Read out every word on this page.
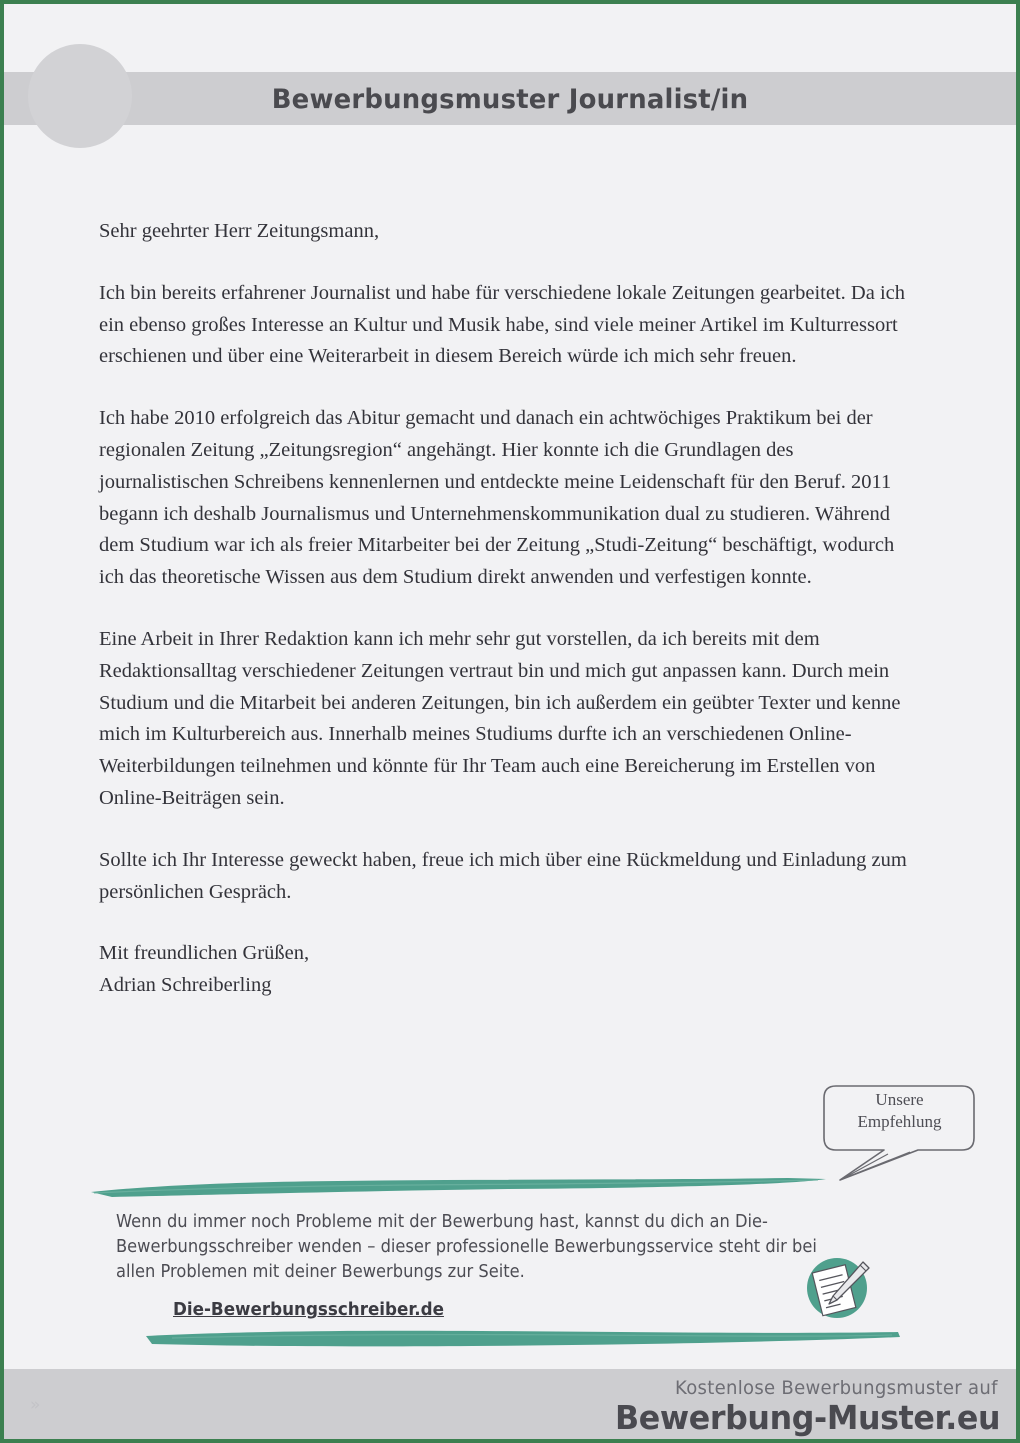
Bewerbungsmuster Journalist/in

Sehr geehrter Herr Zeitungsmann,

Ich bin bereits erfahrener Journalist und habe für verschiedene lokale Zeitungen gearbeitet. Da ich ein ebenso großes Interesse an Kultur und Musik habe, sind viele meiner Artikel im Kulturressort erschienen und über eine Weiterarbeit in diesem Bereich würde ich mich sehr freuen.

Ich habe 2010 erfolgreich das Abitur gemacht und danach ein achtwöchiges Praktikum bei der regionalen Zeitung „Zeitungsregion“ angehängt. Hier konnte ich die Grundlagen des journalistischen Schreibens kennenlernen und entdeckte meine Leidenschaft für den Beruf. 2011 begann ich deshalb Journalismus und Unternehmenskommunikation dual zu studieren. Während dem Studium war ich als freier Mitarbeiter bei der Zeitung „Studi-Zeitung“ beschäftigt, wodurch ich das theoretische Wissen aus dem Studium direkt anwenden und verfestigen konnte.

Eine Arbeit in Ihrer Redaktion kann ich mehr sehr gut vorstellen, da ich bereits mit dem Redaktionsalltag verschiedener Zeitungen vertraut bin und mich gut anpassen kann. Durch mein Studium und die Mitarbeit bei anderen Zeitungen, bin ich außerdem ein geübter Texter und kenne mich im Kulturbereich aus. Innerhalb meines Studiums durfte ich an verschiedenen Online-Weiterbildungen teilnehmen und könnte für Ihr Team auch eine Bereicherung im Erstellen von Online-Beiträgen sein.

Sollte ich Ihr Interesse geweckt haben, freue ich mich über eine Rückmeldung und Einladung zum persönlichen Gespräch.

Mit freundlichen Grüßen,

Adrian Schreiberling

Unsere
Empfehlung
Wenn du immer noch Probleme mit der Bewerbung hast, kannst du dich an Die-Bewerbungsschreiber wenden – dieser professionelle Bewerbungsservice steht dir bei allen Problemen mit deiner Bewerbungs zur Seite.
Die-Bewerbungsschreiber.de
»
Kostenlose Bewerbungsmuster auf
Bewerbung-Muster.eu
